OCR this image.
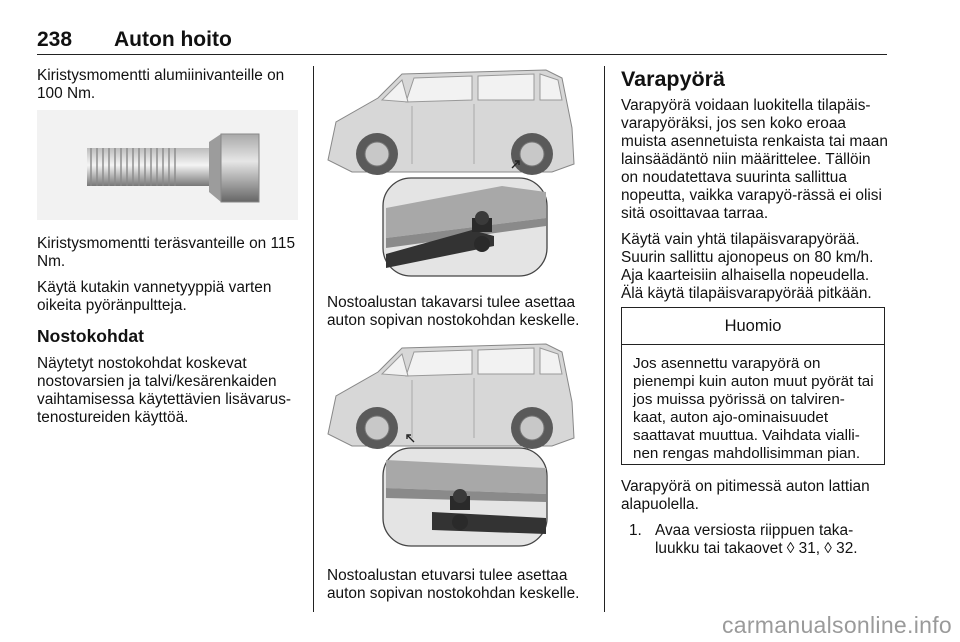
238 Auton hoito

Kiristysmomentti alumiinivanteille on 100 Nm.

Kiristysmomentti teräsvanteille on 115 Nm.

Käytä kutakin vannetyyppiä varten oikeita pyöränpultteja.

Nostokohdat

Näytetyt nostokohdat koskevat nostovarsien ja talvi/kesärenkaiden vaihtamisessa käytettävien lisävarus-tenostureiden käyttöä.

Nostoalustan takavarsi tulee asettaa auton sopivan nostokohdan keskelle.
Nostoalustan etuvarsi tulee asettaa auton sopivan nostokohdan keskelle.
Varapyörä

Varapyörä voidaan luokitella tilapäis-varapyöräksi, jos sen koko eroaa muista asennetuista renkaista tai maan lainsäädäntö niin määrittelee. Tällöin on noudatettava suurinta sallittua nopeutta, vaikka varapyö-rässä ei olisi sitä osoittavaa tarraa.

Käytä vain yhtä tilapäisvarapyörää. Suurin sallittu ajonopeus on 80 km/h. Aja kaarteisiin alhaisella nopeudella. Älä käytä tilapäisvarapyörää pitkään.

Huomio
Jos asennettu varapyörä on pienempi kuin auton muut pyörät tai jos muissa pyörissä on talviren-kaat, auton ajo-ominaisuudet saattavat muuttua. Vaihdata vialli-nen rengas mahdollisimman pian.

Varapyörä on pitimessä auton lattian alapuolella.

1. Avaa versiosta riippuen taka-luukku tai takaovet ◊ 31, ◊ 32.
carmanualsonline.info
